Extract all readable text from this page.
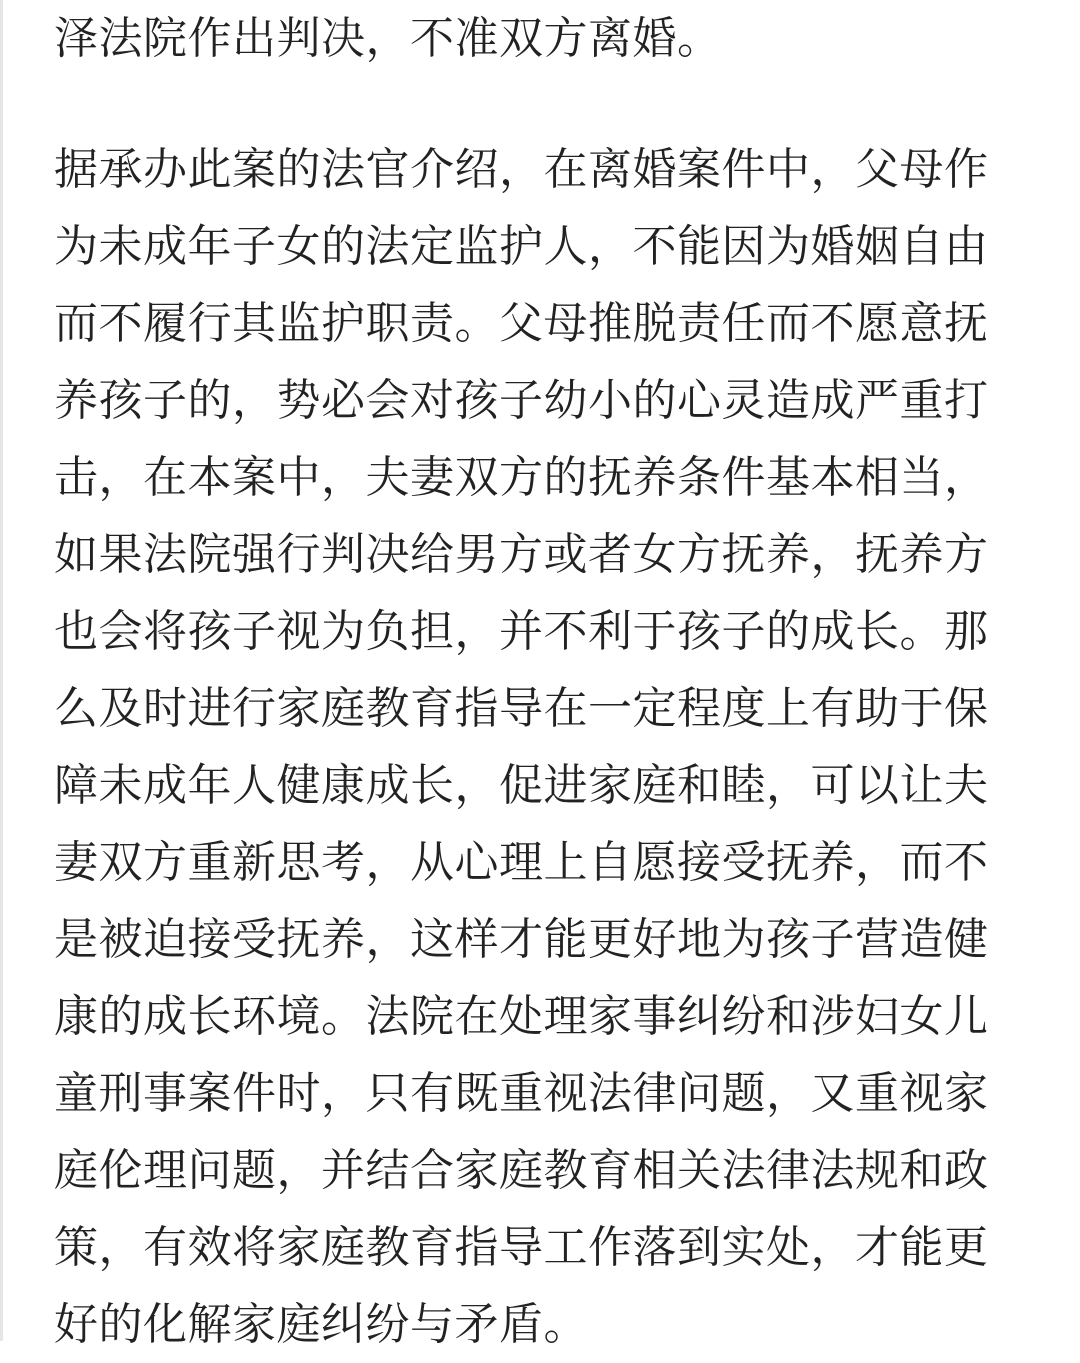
泽法院作出判决，不准双方离婚。
据承办此案的法官介绍，在离婚案件中，父母作
为未成年子女的法定监护人，不能因为婚姻自由
而不履行其监护职责。父母推脱责任而不愿意抚
养孩子的，势必会对孩子幼小的心灵造成严重打
击，在本案中，夫妻双方的抚养条件基本相当，
如果法院强行判决给男方或者女方抚养，抚养方
也会将孩子视为负担，并不利于孩子的成长。那
么及时进行家庭教育指导在一定程度上有助于保
障未成年人健康成长，促进家庭和睦，可以让夫
妻双方重新思考，从心理上自愿接受抚养，而不
是被迫接受抚养，这样才能更好地为孩子营造健
康的成长环境。法院在处理家事纠纷和涉妇女儿
童刑事案件时，只有既重视法律问题，又重视家
庭伦理问题，并结合家庭教育相关法律法规和政
策，有效将家庭教育指导工作落到实处，才能更
好的化解家庭纠纷与矛盾。
